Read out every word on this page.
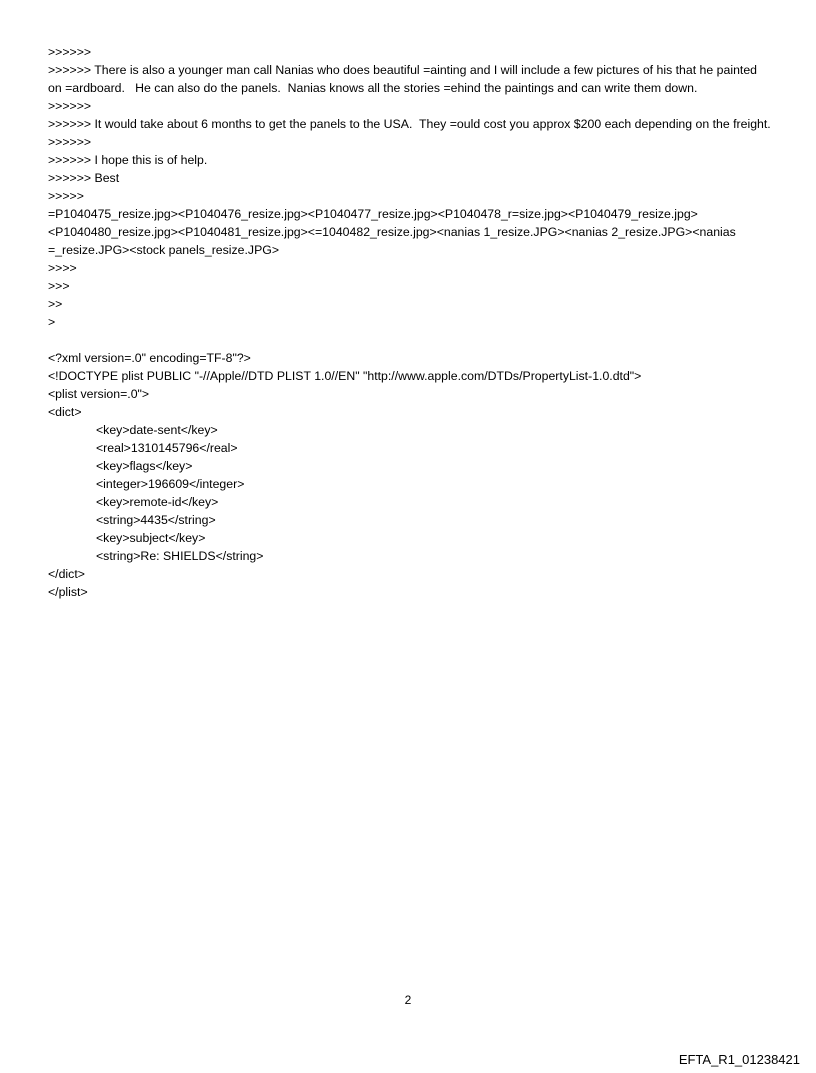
>>>>>>
>>>>>> There is also a younger man call Nanias who does beautiful =ainting and I will include a few pictures of his that he painted on =ardboard.   He can also do the panels.  Nanias knows all the stories =ehind the paintings and can write them down.
>>>>>>
>>>>>> It would take about 6 months to get the panels to the USA.  They =ould cost you approx $200 each depending on the freight.
>>>>>>
>>>>>> I hope this is of help.
>>>>>> Best
>>>>>
=P1040475_resize.jpg><P1040476_resize.jpg><P1040477_resize.jpg><P1040478_r=size.jpg><P1040479_resize.jpg><P1040480_resize.jpg><P1040481_resize.jpg><=1040482_resize.jpg><nanias 1_resize.JPG><nanias 2_resize.JPG><nanias =_resize.JPG><stock panels_resize.JPG>
>>>>
>>>
>>
>
<?xml version=.0" encoding=TF-8"?>
<!DOCTYPE plist PUBLIC "-//Apple//DTD PLIST 1.0//EN" "http://www.apple.com/DTDs/PropertyList-1.0.dtd">
<plist version=.0">
<dict>
<key>date-sent</key>
<real>1310145796</real>
<key>flags</key>
<integer>196609</integer>
<key>remote-id</key>
<string>4435</string>
<key>subject</key>
<string>Re: SHIELDS</string>
</dict>
</plist>
2
EFTA_R1_01238421
